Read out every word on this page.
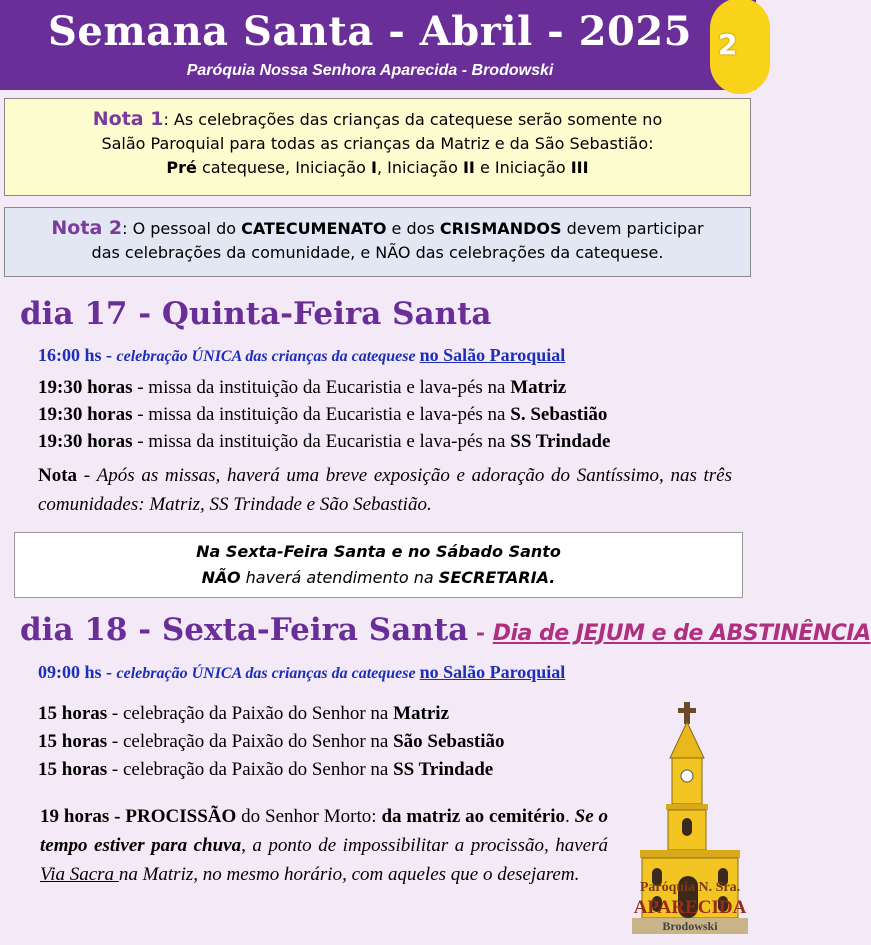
Semana Santa - Abril - 2025
Paróquia Nossa Senhora Aparecida - Brodowski
2
Nota 1: As celebrações das crianças da catequese serão somente no
Salão Paroquial para todas as crianças da Matriz e da São Sebastião:
Pré catequese, Iniciação I, Iniciação II e Iniciação III
Nota 2: O pessoal do CATECUMENATO e dos CRISMANDOS devem participar
das celebrações da comunidade, e NÃO das celebrações da catequese.
dia 17 - Quinta-Feira Santa
16:00 hs - celebração ÚNICA das crianças da catequese no Salão Paroquial
19:30 horas - missa da instituição da Eucaristia e lava-pés na Matriz
19:30 horas - missa da instituição da Eucaristia e lava-pés na S. Sebastião
19:30 horas - missa da instituição da Eucaristia e lava-pés na SS Trindade
Nota - Após as missas, haverá uma breve exposição e adoração do Santíssimo, nas três comunidades: Matriz, SS Trindade e São Sebastião.
Na Sexta-Feira Santa e no Sábado Santo
NÃO haverá atendimento na SECRETARIA.
dia 18 - Sexta-Feira Santa - Dia de JEJUM e de ABSTINÊNCIA
09:00 hs - celebração ÚNICA das crianças da catequese no Salão Paroquial
15 horas - celebração da Paixão do Senhor na Matriz
15 horas - celebração da Paixão do Senhor na São Sebastião
15 horas - celebração da Paixão do Senhor na SS Trindade
19 horas - PROCISSÃO do Senhor Morto: da matriz ao cemitério. Se o tempo estiver para chuva, a ponto de impossibilitar a procissão, haverá Via Sacra na Matriz, no mesmo horário, com aqueles que o desejarem.
Paróquia N. Sra.
APARECIDA
Brodowski
